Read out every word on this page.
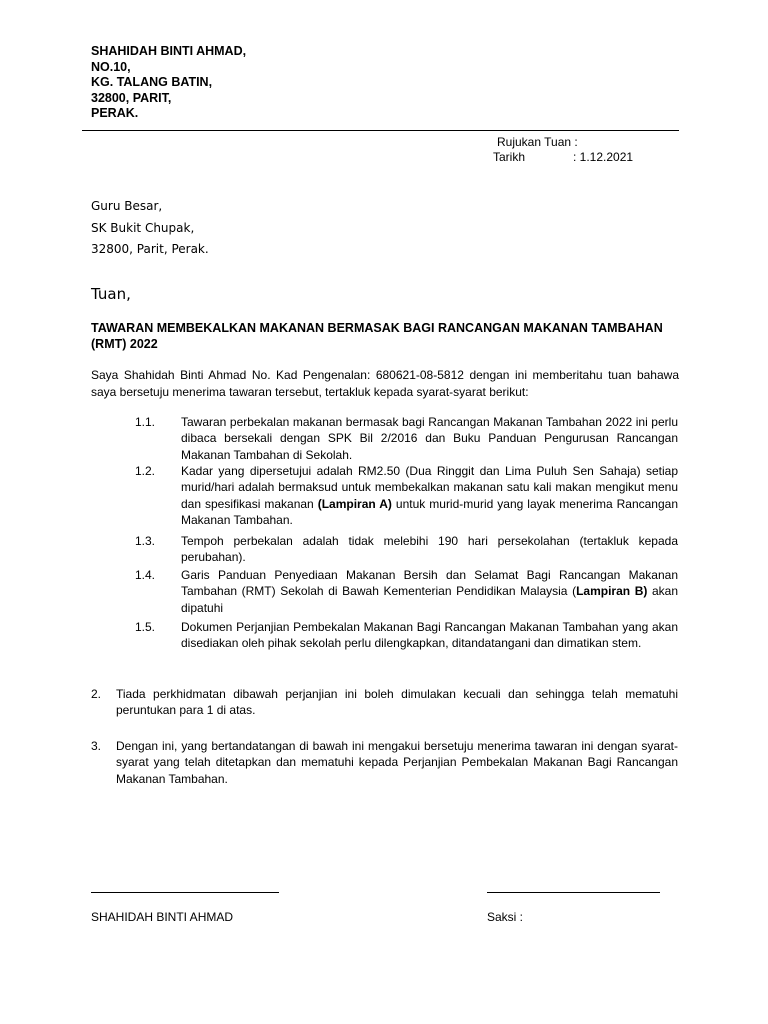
SHAHIDAH BINTI AHMAD,
NO.10,
KG. TALANG BATIN,
32800, PARIT,
PERAK.
Rujukan Tuan :
Tarikh	: 1.12.2021
Guru Besar,
SK Bukit Chupak,
32800, Parit, Perak.
Tuan,
TAWARAN MEMBEKALKAN MAKANAN BERMASAK BAGI RANCANGAN MAKANAN TAMBAHAN (RMT) 2022
Saya Shahidah Binti Ahmad No. Kad Pengenalan: 680621-08-5812 dengan ini memberitahu tuan bahawa saya bersetuju menerima tawaran tersebut, tertakluk kepada syarat-syarat berikut:
1.1. Tawaran perbekalan makanan bermasak bagi Rancangan Makanan Tambahan 2022 ini perlu dibaca bersekali dengan SPK Bil 2/2016 dan Buku Panduan Pengurusan Rancangan Makanan Tambahan di Sekolah.
1.2. Kadar yang dipersetujui adalah RM2.50 (Dua Ringgit dan Lima Puluh Sen Sahaja) setiap murid/hari adalah bermaksud untuk membekalkan makanan satu kali makan mengikut menu dan spesifikasi makanan (Lampiran A) untuk murid-murid yang layak menerima Rancangan Makanan Tambahan.
1.3. Tempoh perbekalan adalah tidak melebihi 190 hari persekolahan (tertakluk kepada perubahan).
1.4. Garis Panduan Penyediaan Makanan Bersih dan Selamat Bagi Rancangan Makanan Tambahan (RMT) Sekolah di Bawah Kementerian Pendidikan Malaysia (Lampiran B) akan dipatuhi
1.5. Dokumen Perjanjian Pembekalan Makanan Bagi Rancangan Makanan Tambahan yang akan disediakan oleh pihak sekolah perlu dilengkapkan, ditandatangani dan dimatikan stem.
2. Tiada perkhidmatan dibawah perjanjian ini boleh dimulakan kecuali dan sehingga telah mematuhi peruntukan para 1 di atas.
3. Dengan ini, yang bertandatangan di bawah ini mengakui bersetuju menerima tawaran ini dengan syarat-syarat yang telah ditetapkan dan mematuhi kepada Perjanjian Pembekalan Makanan Bagi Rancangan Makanan Tambahan.
SHAHIDAH BINTI AHMAD	Saksi :
